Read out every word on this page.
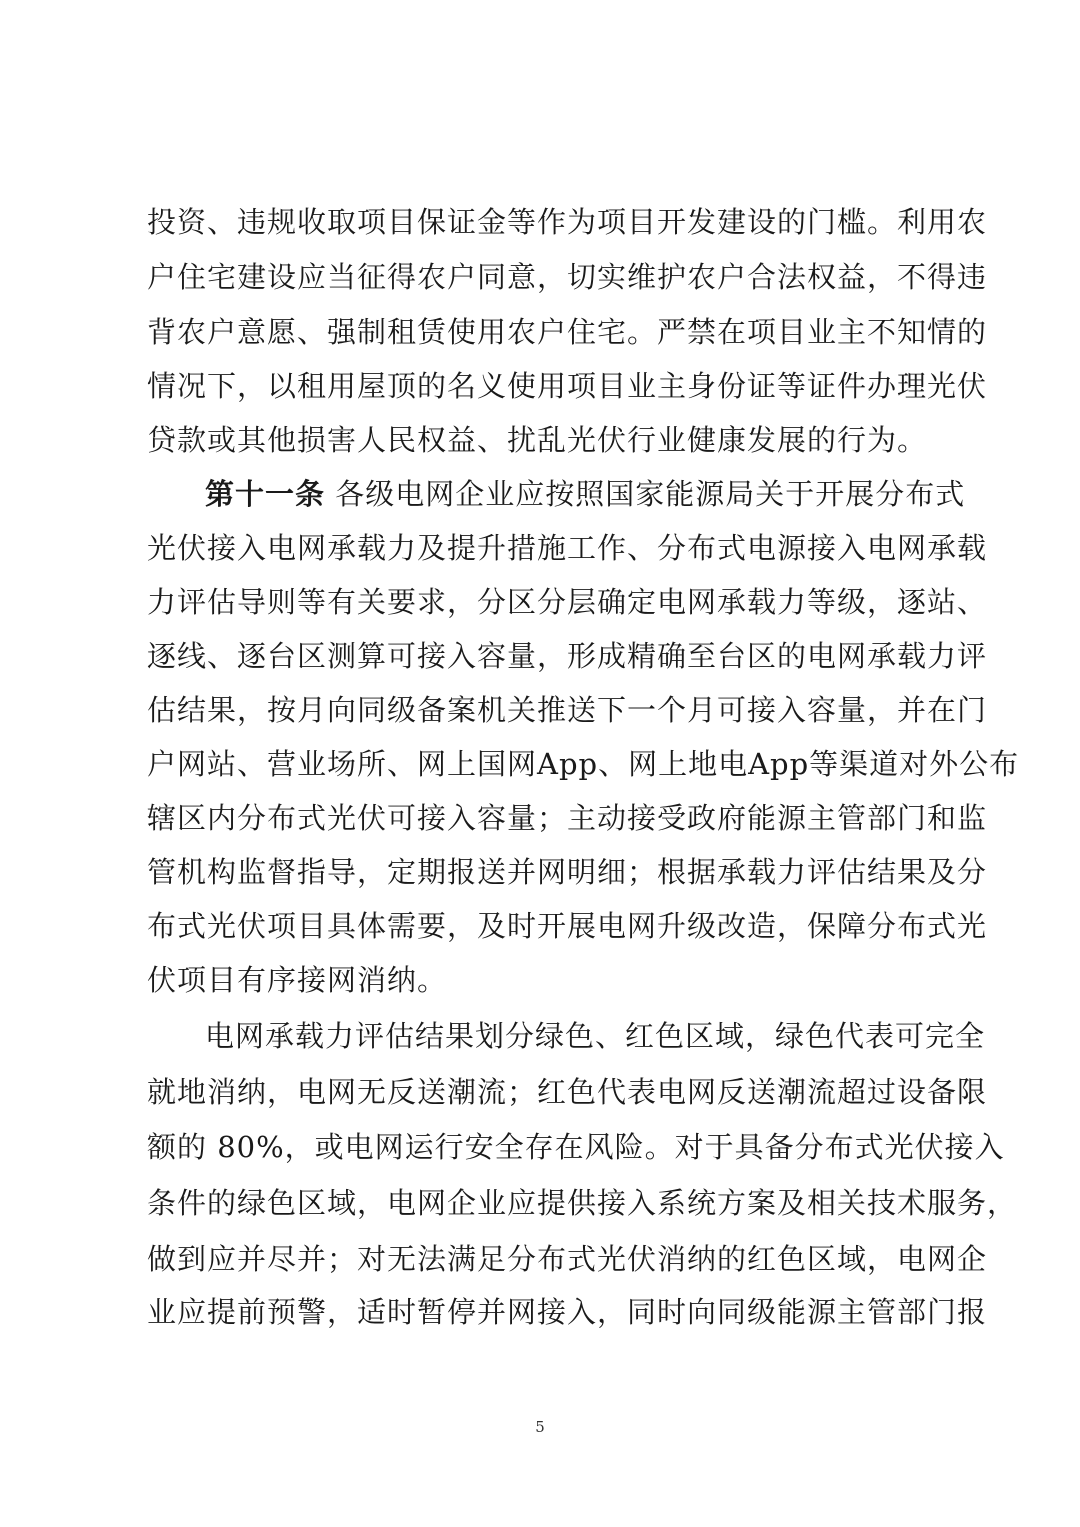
投资、违规收取项目保证金等作为项目开发建设的门槛。利用农
户住宅建设应当征得农户同意，切实维护农户合法权益，不得违
背农户意愿、强制租赁使用农户住宅。严禁在项目业主不知情的
情况下，以租用屋顶的名义使用项目业主身份证等证件办理光伏
贷款或其他损害人民权益、扰乱光伏行业健康发展的行为。
第十一条 各级电网企业应按照国家能源局关于开展分布式
光伏接入电网承载力及提升措施工作、分布式电源接入电网承载
力评估导则等有关要求，分区分层确定电网承载力等级，逐站、
逐线、逐台区测算可接入容量，形成精确至台区的电网承载力评
估结果，按月向同级备案机关推送下一个月可接入容量，并在门
户网站、营业场所、网上国网App、网上地电App等渠道对外公布
辖区内分布式光伏可接入容量；主动接受政府能源主管部门和监
管机构监督指导，定期报送并网明细；根据承载力评估结果及分
布式光伏项目具体需要，及时开展电网升级改造，保障分布式光
伏项目有序接网消纳。
电网承载力评估结果划分绿色、红色区域，绿色代表可完全
就地消纳，电网无反送潮流；红色代表电网反送潮流超过设备限
额的 80%，或电网运行安全存在风险。对于具备分布式光伏接入
条件的绿色区域，电网企业应提供接入系统方案及相关技术服务，
做到应并尽并；对无法满足分布式光伏消纳的红色区域，电网企
业应提前预警，适时暂停并网接入，同时向同级能源主管部门报
5
